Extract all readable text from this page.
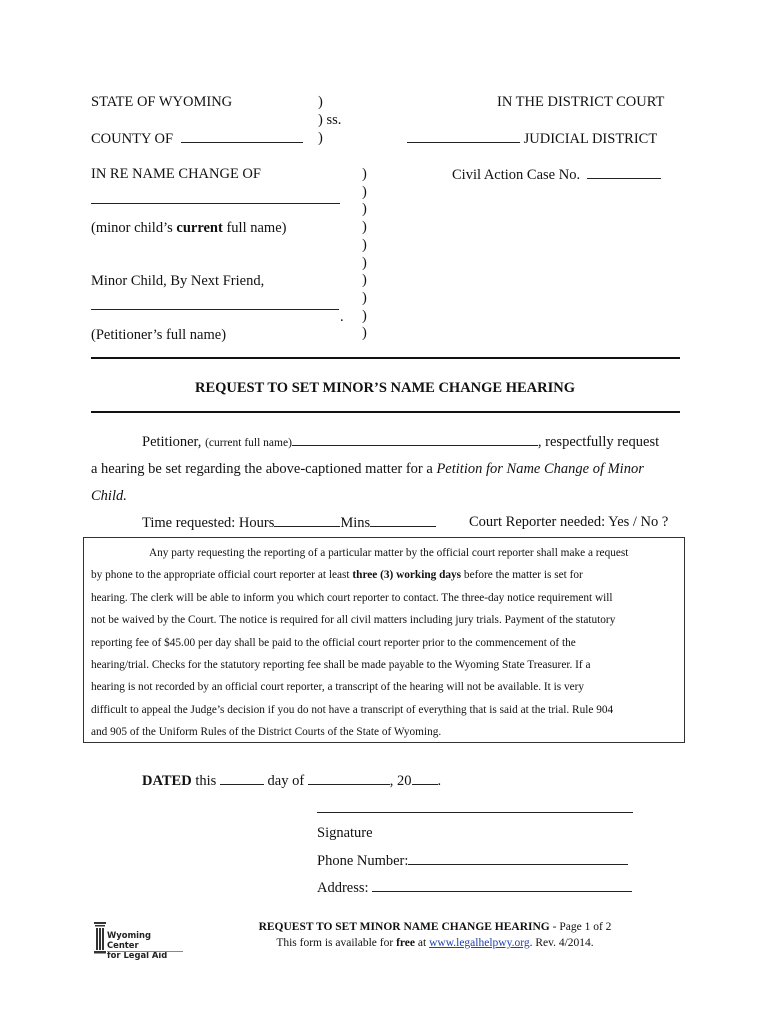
STATE OF WYOMING	)
) ss.
)
IN THE DISTRICT COURT
COUNTY OF	JUDICIAL DISTRICT
IN RE NAME CHANGE OF	Civil Action Case No.
)
)
)
)
)
)
)
)
)
)
(minor child’s current full name)
Minor Child, By Next Friend,
.
(Petitioner’s full name)
REQUEST TO SET MINOR’S NAME CHANGE HEARING
Petitioner, (current full name)	, respectfully request
a hearing be set regarding the above-captioned matter for a Petition for Name Change of Minor
Child.
Time requested: Hours	Mins	Court Reporter needed: Yes / No ?

Any party requesting the reporting of a particular matter by the official court reporter shall make a request

by phone to the appropriate official court reporter at least three (3) working days before the matter is set for

hearing. The clerk will be able to inform you which court reporter to contact. The three-day notice requirement will

not be waived by the Court. The notice is required for all civil matters including jury trials. Payment of the statutory

reporting fee of $45.00 per day shall be paid to the official court reporter prior to the commencement of the

hearing/trial. Checks for the statutory reporting fee shall be made payable to the Wyoming State Treasurer. If a

hearing is not recorded by an official court reporter, a transcript of the hearing will not be available. It is very

difficult to appeal the Judge’s decision if you do not have a transcript of everything that is said at the trial. Rule 904

and 905 of the Uniform Rules of the District Courts of the State of Wyoming.

DATED this	day of	, 20 .
Signature
Phone Number:
Address:
Wyoming Center
for Legal Aid
REQUEST TO SET MINOR NAME CHANGE HEARING - Page 1 of 2
This form is available for free at www.legalhelpwy.org. Rev. 4/2014.
